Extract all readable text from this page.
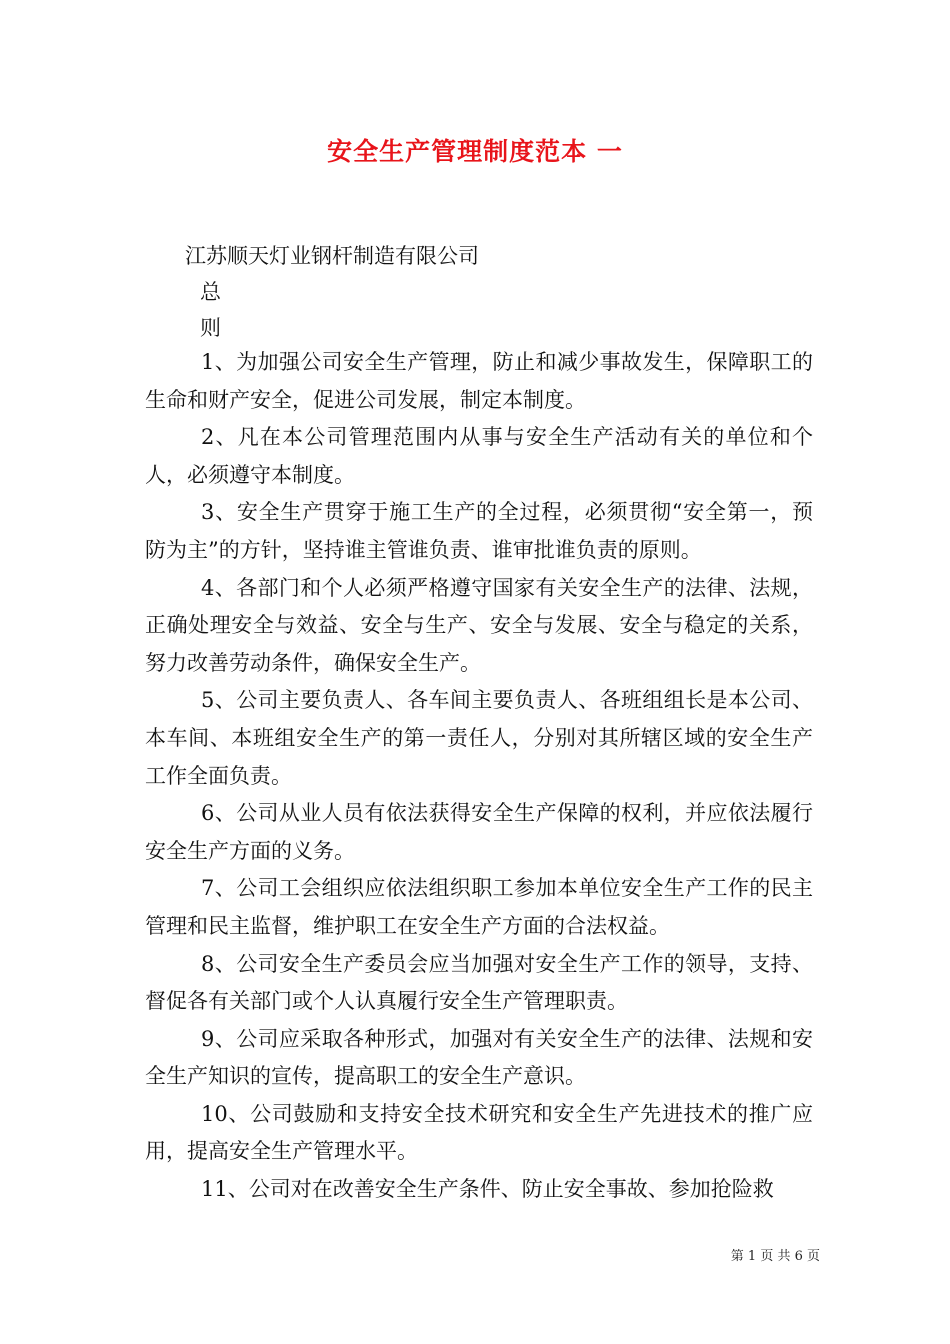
安全生产管理制度范本 一
江苏顺天灯业钢杆制造有限公司
总
则

1、为加强公司安全生产管理，防止和减少事故发生，保障职工的生命和财产安全，促进公司发展，制定本制度。

2、凡在本公司管理范围内从事与安全生产活动有关的单位和个人，必须遵守本制度。

3、安全生产贯穿于施工生产的全过程，必须贯彻“安全第一，预防为主”的方针，坚持谁主管谁负责、谁审批谁负责的原则。

4、各部门和个人必须严格遵守国家有关安全生产的法律、法规，正确处理安全与效益、安全与生产、安全与发展、安全与稳定的关系，努力改善劳动条件，确保安全生产。

5、公司主要负责人、各车间主要负责人、各班组组长是本公司、本车间、本班组安全生产的第一责任人，分别对其所辖区域的安全生产工作全面负责。

6、公司从业人员有依法获得安全生产保障的权利，并应依法履行安全生产方面的义务。

7、公司工会组织应依法组织职工参加本单位安全生产工作的民主管理和民主监督，维护职工在安全生产方面的合法权益。

8、公司安全生产委员会应当加强对安全生产工作的领导，支持、督促各有关部门或个人认真履行安全生产管理职责。

9、公司应采取各种形式，加强对有关安全生产的法律、法规和安全生产知识的宣传，提高职工的安全生产意识。

10、公司鼓励和支持安全技术研究和安全生产先进技术的推广应用，提高安全生产管理水平。

11、公司对在改善安全生产条件、防止安全事故、参加抢险救

第 1 页 共 6 页
